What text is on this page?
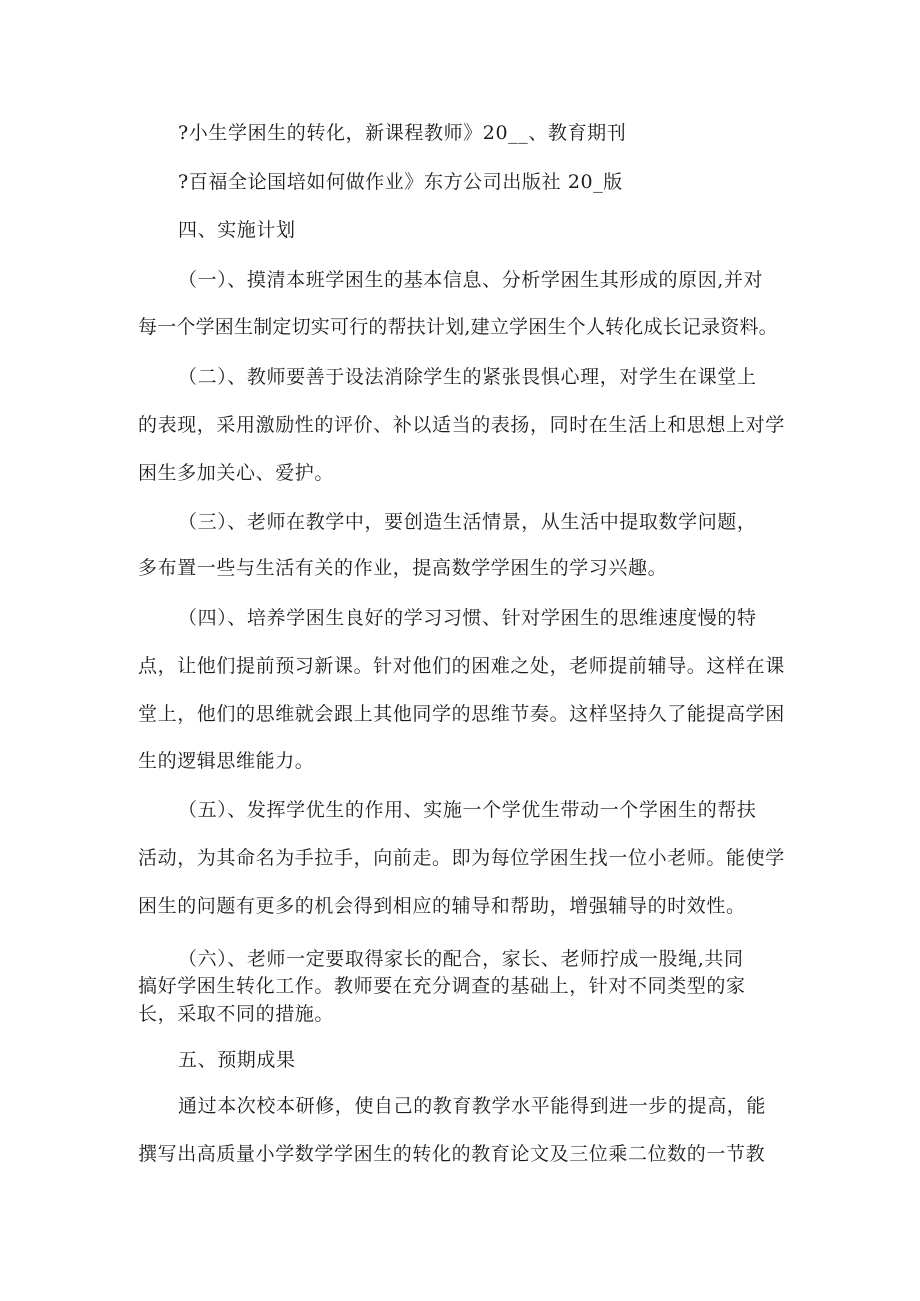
?小生学困生的转化，新课程教师》20__、教育期刊
?百福全论国培如何做作业》东方公司出版社 20_版
四、实施计划
（一）、摸清本班学困生的基本信息、分析学困生其形成的原因,并对
每一个学困生制定切实可行的帮扶计划,建立学困生个人转化成长记录资料。
（二）、教师要善于设法消除学生的紧张畏惧心理，对学生在课堂上
的表现，采用激励性的评价、补以适当的表扬，同时在生活上和思想上对学
困生多加关心、爱护。
（三）、老师在教学中，要创造生活情景，从生活中提取数学问题，
多布置一些与生活有关的作业，提高数学学困生的学习兴趣。
（四）、培养学困生良好的学习习惯、针对学困生的思维速度慢的特
点，让他们提前预习新课。针对他们的困难之处，老师提前辅导。这样在课
堂上，他们的思维就会跟上其他同学的思维节奏。这样坚持久了能提高学困
生的逻辑思维能力。
（五）、发挥学优生的作用、实施一个学优生带动一个学困生的帮扶
活动，为其命名为手拉手，向前走。即为每位学困生找一位小老师。能使学
困生的问题有更多的机会得到相应的辅导和帮助，增强辅导的时效性。
（六）、老师一定要取得家长的配合，家长、老师拧成一股绳,共同
搞好学困生转化工作。教师要在充分调查的基础上，针对不同类型的家
长，采取不同的措施。
五、预期成果
通过本次校本研修，使自己的教育教学水平能得到进一步的提高，能
撰写出高质量小学数学学困生的转化的教育论文及三位乘二位数的一节教
